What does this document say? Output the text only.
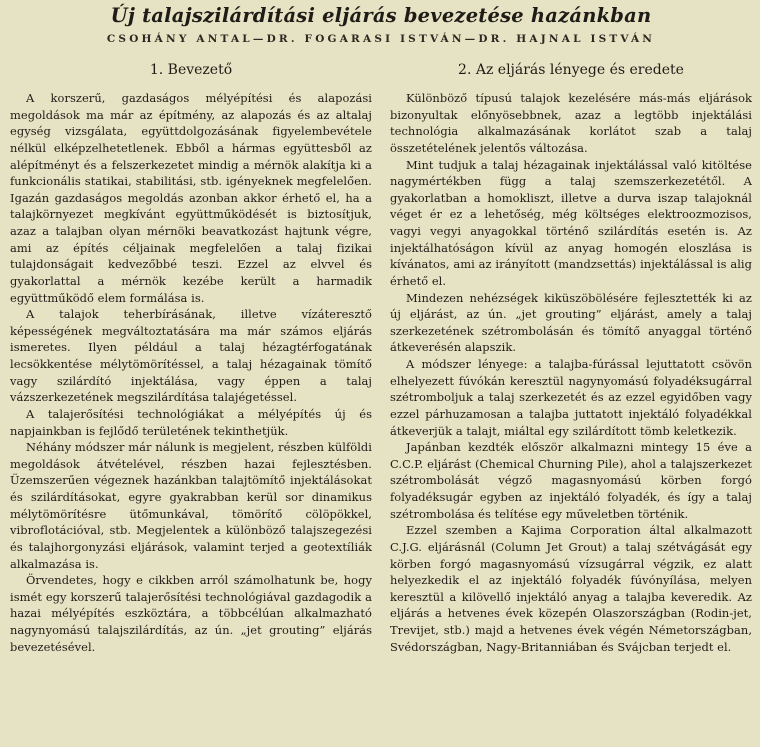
Új talajszilárdítási eljárás bevezetése hazánkban
CSOHÁNY ANTAL—DR. FOGARASI ISTVÁN—DR. HAJNAL ISTVÁN
1. Bevezető

A korszerű, gazdaságos mélyépítési és alapozási megoldások ma már az építmény, az alapozás és az altalaj egység vizsgálata, együttdolgozásának figyelembevétele nélkül elképzelhetetlenek. Ebből a hármas együttesből az alépítményt és a felszerkezetet mindig a mérnök alakítja ki a funkcionális statikai, stabilitási, stb. igényeknek megfelelően. Igazán gazdaságos megoldás azonban akkor érhető el, ha a talajkörnyezet megkívánt együttműködését is biztosítjuk, azaz a talajban olyan mérnöki beavatkozást hajtunk végre, ami az építés céljainak megfelelően a talaj fizikai tulajdonságait kedvezőbbé teszi. Ezzel az elvvel és gyakorlattal a mérnök kezébe került a harmadik együttműködő elem formálása is.

A talajok teherbírásának, illetve vízáteresztő képességének megváltoztatására ma már számos eljárás ismeretes. Ilyen például a talaj hézagtérfogatának lecsökkentése mélytömörítéssel, a talaj hézagainak tömítő vagy szilárdító injektálása, vagy éppen a talaj vázszerkezetének megszilárdítása talajégetéssel.

A talajerősítési technológiákat a mélyépítés új és napjainkban is fejlődő területének tekinthetjük.

Néhány módszer már nálunk is megjelent, részben külföldi megoldások átvételével, részben hazai fejlesztésben. Üzemszerűen végeznek hazánkban talajtömítő injektálásokat és szilárdításokat, egyre gyakrabban kerül sor dinamikus mélytömörítésre ütőmunkával, tömörítő cölöpökkel, vibroflotációval, stb. Megjelentek a különböző talajszegezési és talajhorgonyzási eljárások, valamint terjed a geotextíliák alkalmazása is.

Örvendetes, hogy e cikkben arról számolhatunk be, hogy ismét egy korszerű talajerősítési technológiával gazdagodik a hazai mélyépítés eszköztára, a többcélúan alkalmazható nagynyomású talajszilárdítás, az ún. „jet grouting” eljárás bevezetésével.

2. Az eljárás lényege és eredete

Különböző típusú talajok kezelésére más-más eljárások bizonyultak előnyösebbnek, azaz a legtöbb injektálási technológia alkalmazásának korlátot szab a talaj összetételének jelentős változása.

Mint tudjuk a talaj hézagainak injektálással való kitöltése nagymértékben függ a talaj szemszerkezetétől. A gyakorlatban a homokliszt, illetve a durva iszap talajoknál véget ér ez a lehetőség, még költséges elektroozmozisos, vagyi vegyi anyagokkal történő szilárdítás esetén is. Az injektálhatóságon kívül az anyag homogén eloszlása is kívánatos, ami az irányított (mandzsettás) injektálással is alig érhető el.

Mindezen nehézségek kiküszöbölésére fejlesztették ki az új eljárást, az ún. „jet grouting” eljárást, amely a talaj szerkezetének szétrombolásán és tömítő anyaggal történő átkeverésén alapszik.

A módszer lényege: a talajba-fúrással lejuttatott csövön elhelyezett fúvókán keresztül nagynyomású folyadéksugárral szétromboljuk a talaj szerkezetét és az ezzel egyidőben vagy ezzel párhuzamosan a talajba juttatott injektáló folyadékkal átkeverjük a talajt, miáltal egy szilárdított tömb keletkezik.

Japánban kezdték először alkalmazni mintegy 15 éve a C.C.P. eljárást (Chemical Churning Pile), ahol a talajszerkezet szétrombolását végző magasnyomású körben forgó folyadéksugár egyben az injektáló folyadék, és így a talaj szétrombolása és telítése egy műveletben történik.

Ezzel szemben a Kajima Corporation által alkalmazott C.J.G. eljárásnál (Column Jet Grout) a talaj szétvágását egy körben forgó magasnyomású vízsugárral végzik, ez alatt helyezkedik el az injektáló folyadék fúvónyílása, melyen keresztül a kilövellő injektáló anyag a talajba keveredik. Az eljárás a hetvenes évek közepén Olaszországban (Rodin-jet, Trevijet, stb.) majd a hetvenes évek végén Németországban, Svédországban, Nagy-Britanniában és Svájcban terjedt el.
